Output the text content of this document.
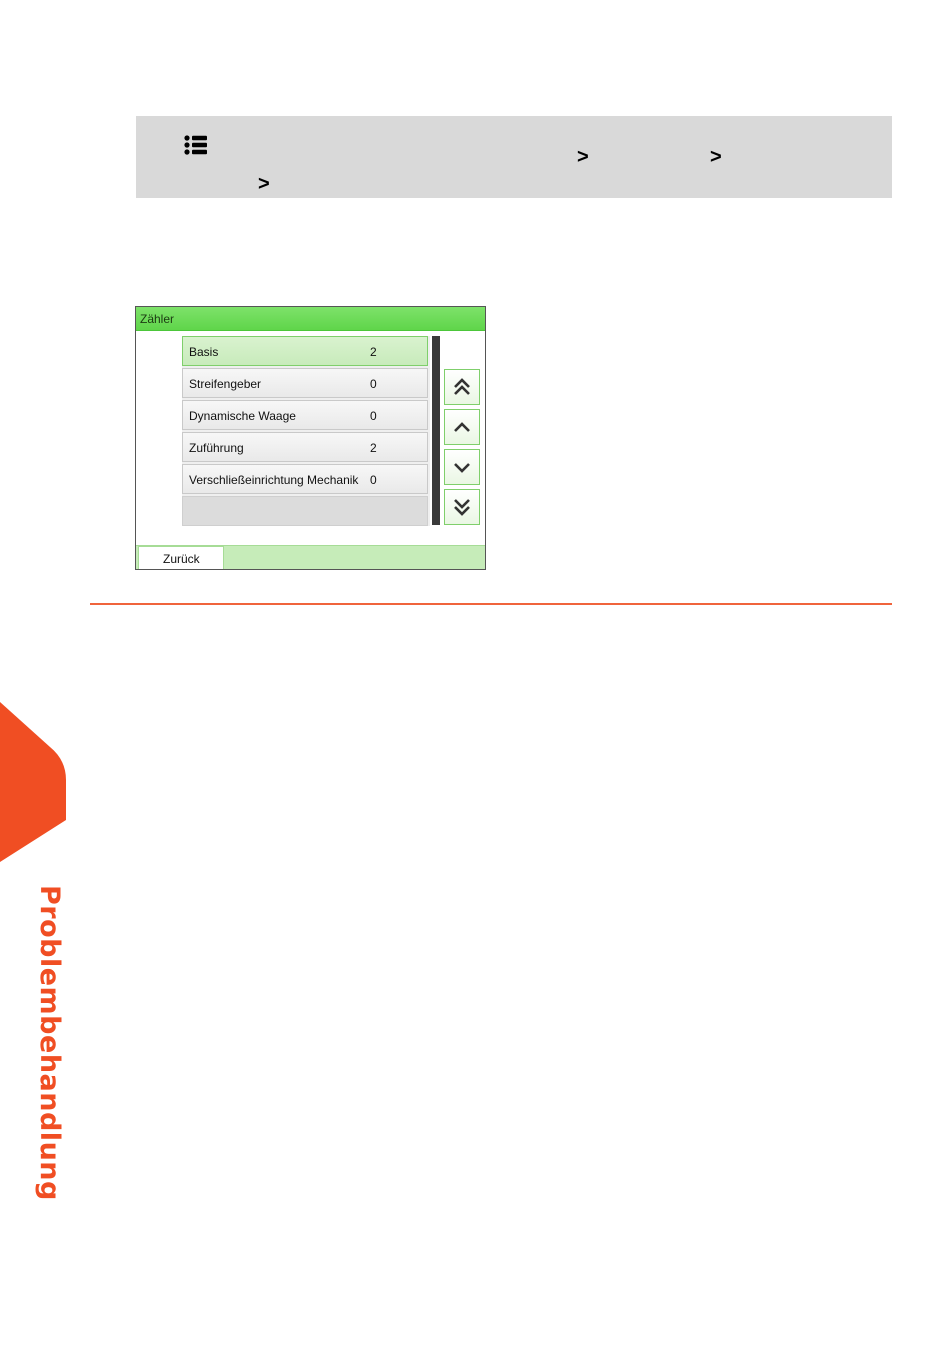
>	>
>
Zähler
Basis	2
Streifengeber	0
Dynamische Waage	0
Zuführung	2
Verschließeinrichtung Mechanik 0
Zurück
Problembehandlung
